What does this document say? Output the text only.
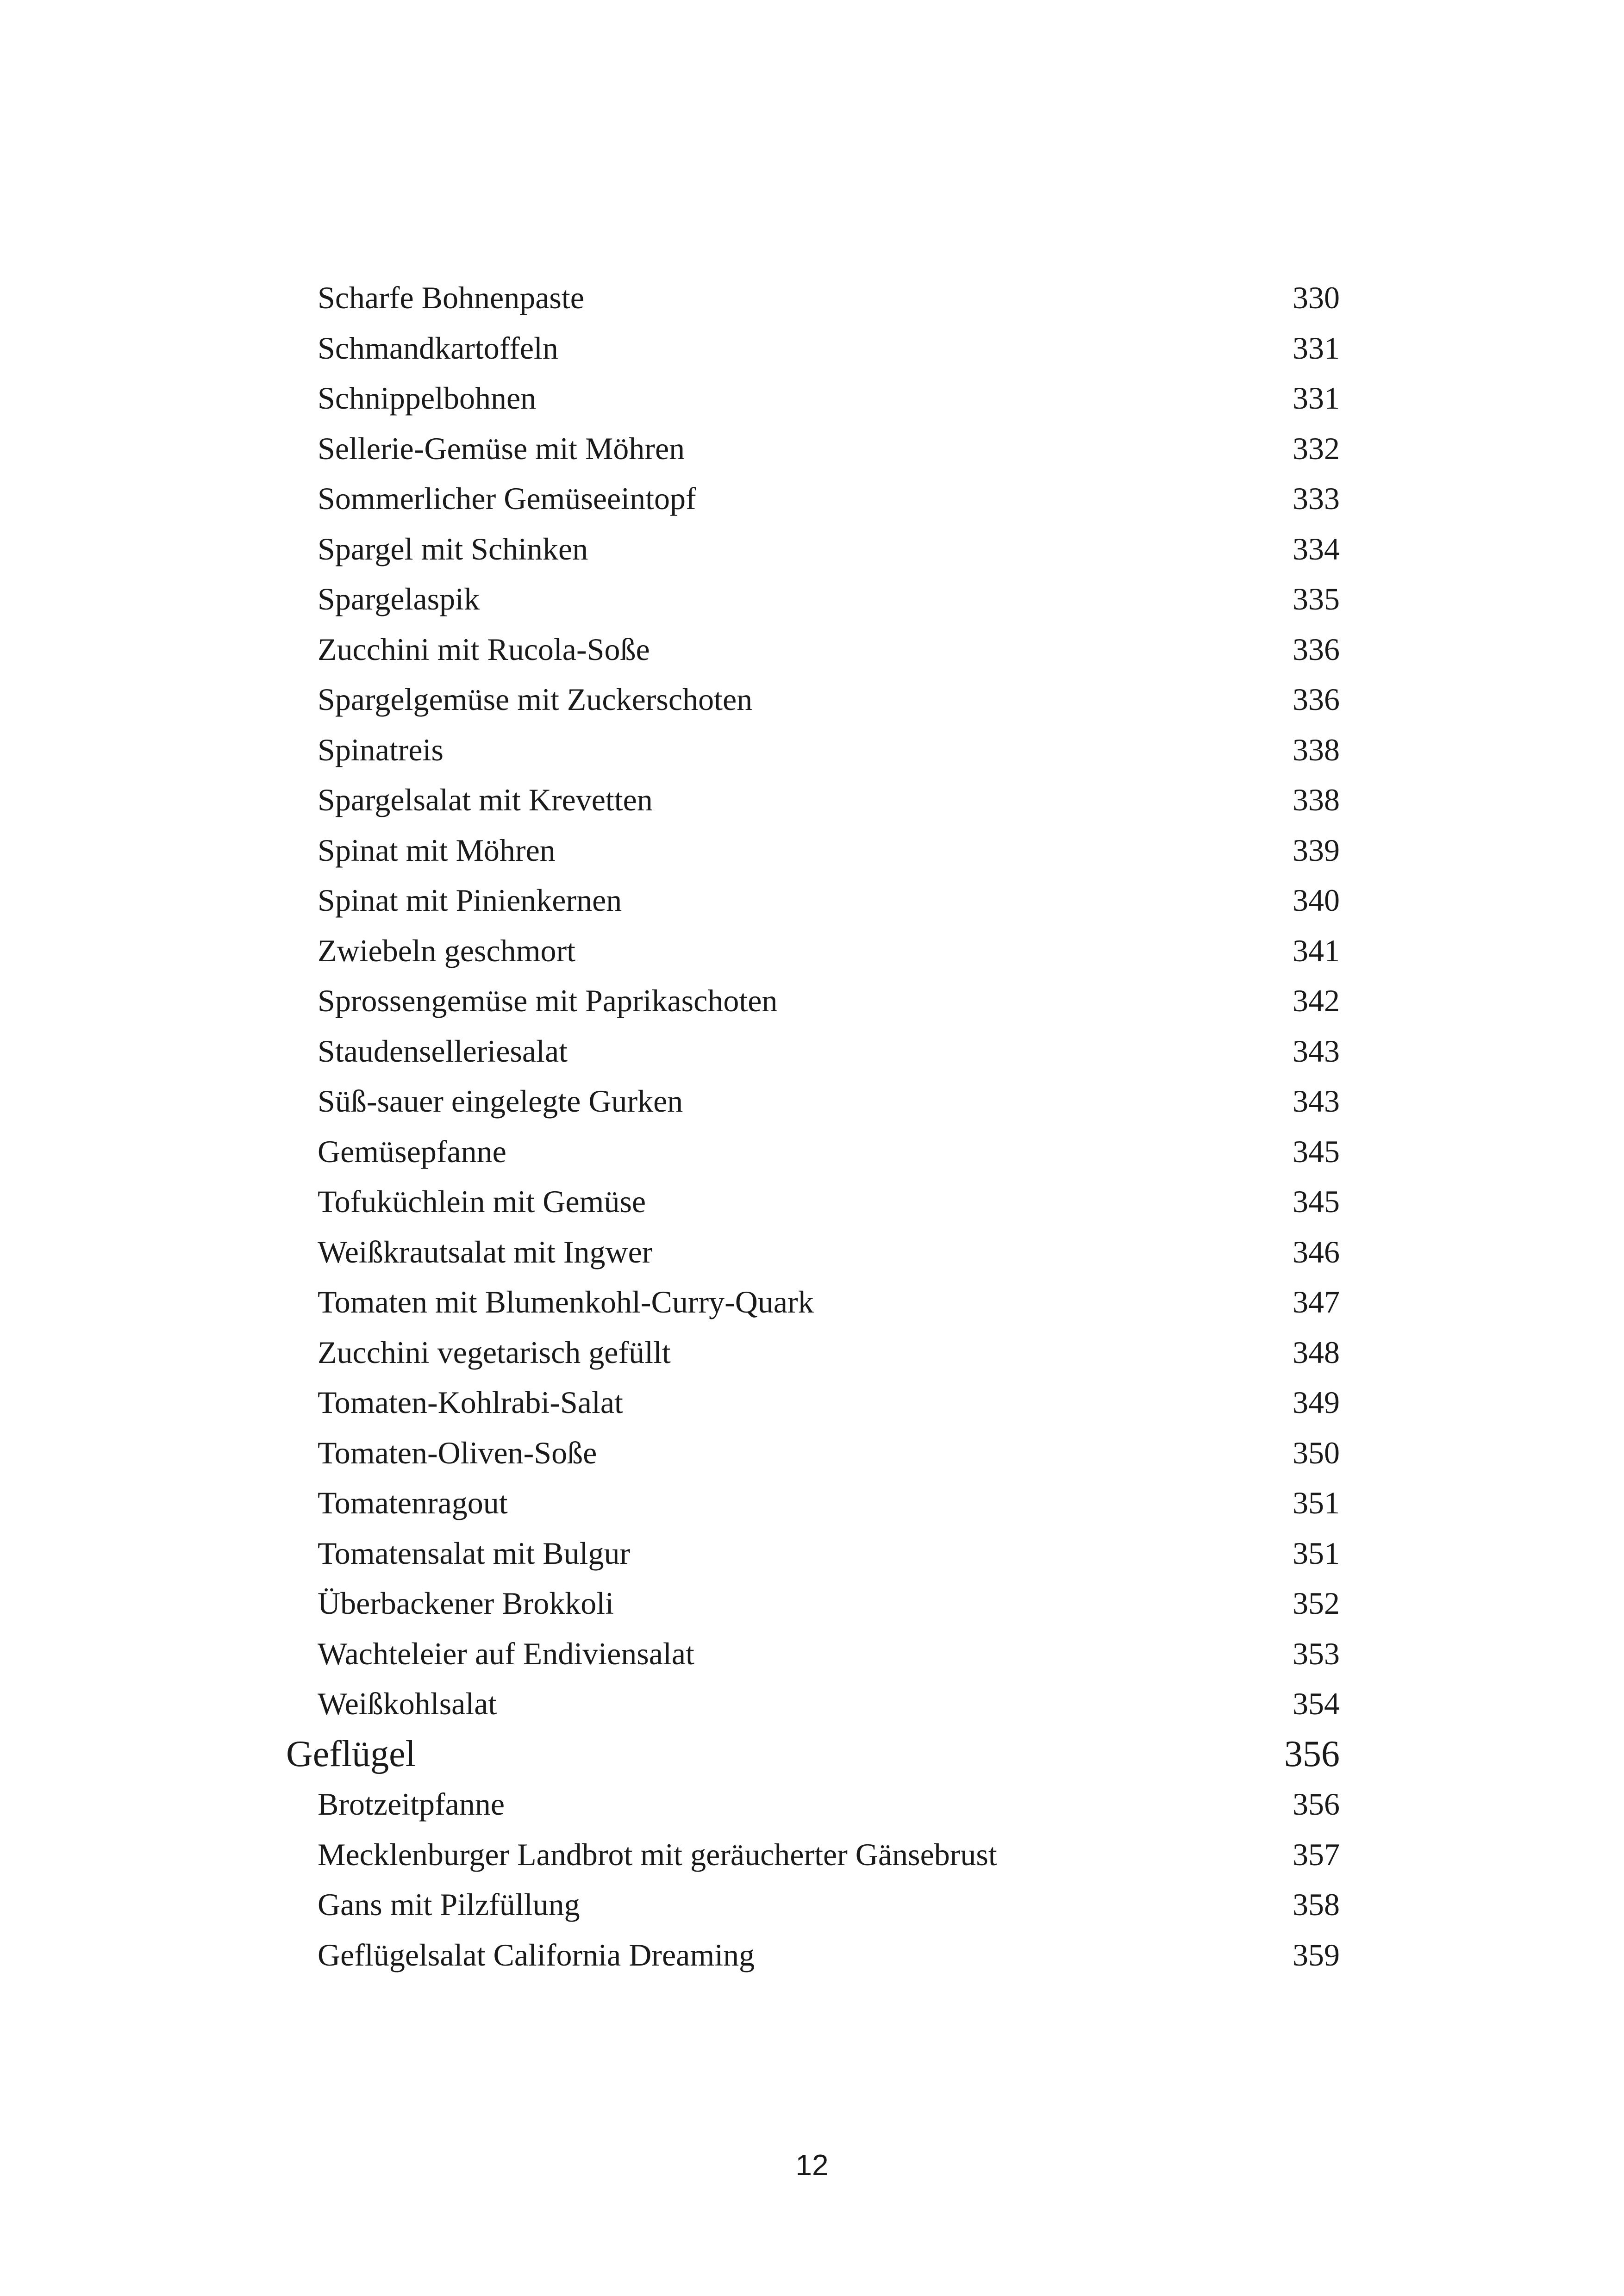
Scharfe Bohnenpaste	330
Schmandkartoffeln	331
Schnippelbohnen	331
Sellerie-Gemüse mit Möhren	332
Sommerlicher Gemüseeintopf	333
Spargel mit Schinken	334
Spargelaspik	335
Zucchini mit Rucola-Soße	336
Spargelgemüse mit Zuckerschoten	336
Spinatreis	338
Spargelsalat mit Krevetten	338
Spinat mit Möhren	339
Spinat mit Pinienkernen	340
Zwiebeln geschmort	341
Sprossengemüse mit Paprikaschoten	342
Staudenselleriesalat	343
Süß-sauer eingelegte Gurken	343
Gemüsepfanne	345
Tofuküchlein mit Gemüse	345
Weißkrautsalat mit Ingwer	346
Tomaten mit Blumenkohl-Curry-Quark	347
Zucchini vegetarisch gefüllt	348
Tomaten-Kohlrabi-Salat	349
Tomaten-Oliven-Soße	350
Tomatenragout	351
Tomatensalat mit Bulgur	351
Überbackener Brokkoli	352
Wachteleier auf Endiviensalat	353
Weißkohlsalat	354
Geflügel	356
Brotzeitpfanne	356
Mecklenburger Landbrot mit geräucherter Gänsebrust	357
Gans mit Pilzfüllung	358
Geflügelsalat California Dreaming	359
12
